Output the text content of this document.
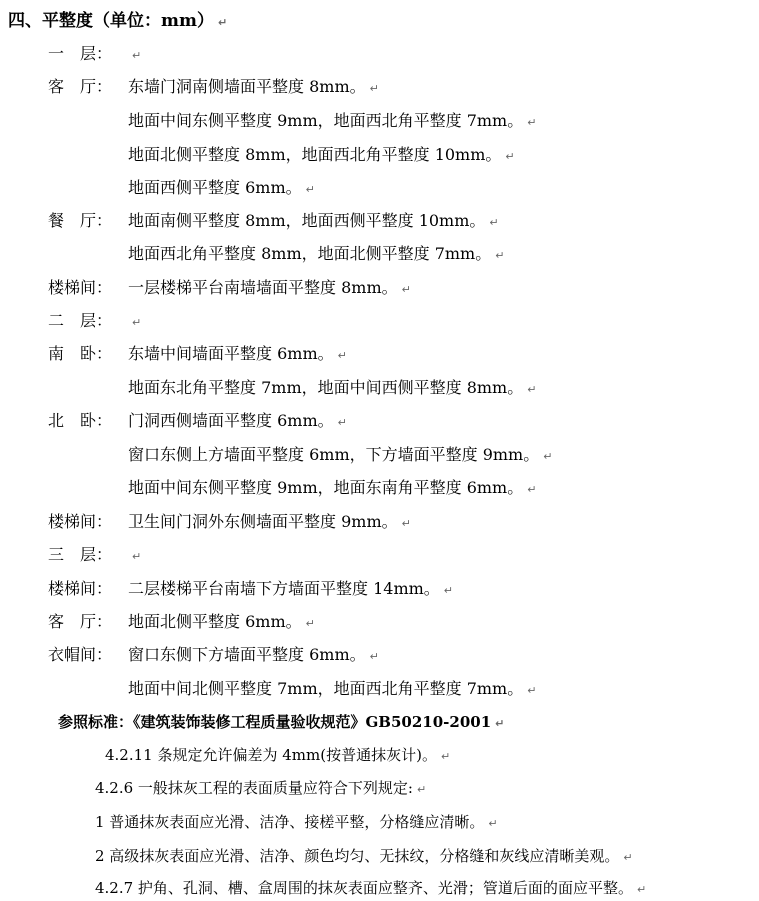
四、平整度（单位：mm） ↵
一　层： ↵
客　厅： 东墙门洞南侧墙面平整度 8mm。 ↵
地面中间东侧平整度 9mm，地面西北角平整度 7mm。 ↵
地面北侧平整度 8mm，地面西北角平整度 10mm。 ↵
地面西侧平整度 6mm。 ↵
餐　厅： 地面南侧平整度 8mm，地面西侧平整度 10mm。 ↵
地面西北角平整度 8mm，地面北侧平整度 7mm。 ↵
楼梯间： 一层楼梯平台南墙墙面平整度 8mm。 ↵
二　层： ↵
南　卧： 东墙中间墙面平整度 6mm。 ↵
地面东北角平整度 7mm，地面中间西侧平整度 8mm。 ↵
北　卧： 门洞西侧墙面平整度 6mm。 ↵
窗口东侧上方墙面平整度 6mm，下方墙面平整度 9mm。 ↵
地面中间东侧平整度 9mm，地面东南角平整度 6mm。 ↵
楼梯间： 卫生间门洞外东侧墙面平整度 9mm。 ↵
三　层： ↵
楼梯间： 二层楼梯平台南墙下方墙面平整度 14mm。 ↵
客　厅： 地面北侧平整度 6mm。 ↵
衣帽间： 窗口东侧下方墙面平整度 6mm。 ↵
地面中间北侧平整度 7mm，地面西北角平整度 7mm。 ↵
参照标准：《建筑装饰装修工程质量验收规范》GB50210-2001 ↵
4.2.11 条规定允许偏差为 4mm(按普通抹灰计)。 ↵
4.2.6 一般抹灰工程的表面质量应符合下列规定: ↵
1 普通抹灰表面应光滑、洁净、接槎平整，分格缝应清晰。 ↵
2 高级抹灰表面应光滑、洁净、颜色均匀、无抹纹，分格缝和灰线应清晰美观。 ↵
4.2.7 护角、孔洞、槽、盒周围的抹灰表面应整齐、光滑；管道后面的面应平整。 ↵
